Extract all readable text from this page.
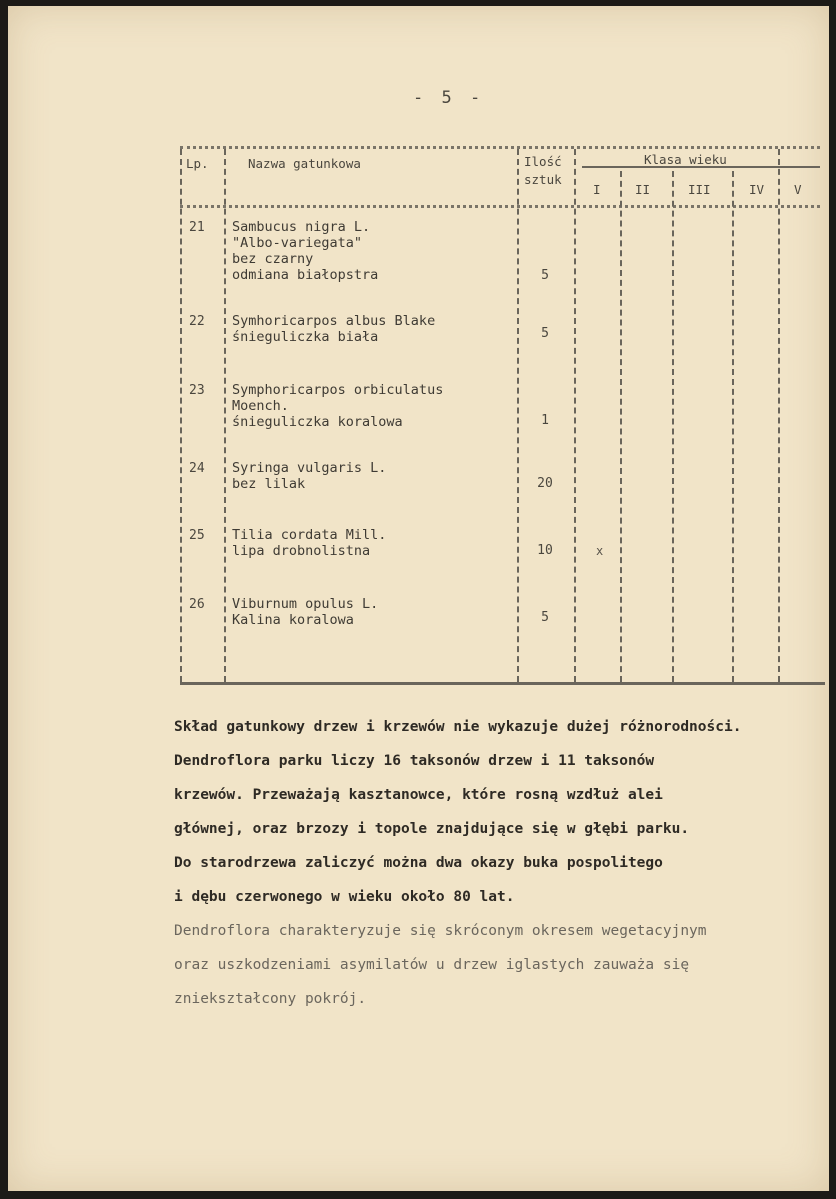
- 5 -
Lp.	Nazwa gatunkowa	Ilość
sztuk
Klasa wieku
I	II	III	IV V
21 Sambucus nigra L.
"Albo-variegata"
bez czarny
odmiana białopstra	5
22 Symhoricarpos albus Blake
śnieguliczka biała	5
23 Symphoricarpos orbiculatus
Moench.
śnieguliczka koralowa	1
24 Syringa vulgaris L.
bez lilak	20
25 Tilia cordata Mill.
lipa drobnolistna	10	x
26 Viburnum opulus L.
Kalina koralowa	5
Skład gatunkowy drzew i krzewów nie wykazuje dużej różnorodności.
Dendroflora parku liczy 16 taksonów drzew i 11 taksonów
krzewów. Przeważają kasztanowce, które rosną wzdłuż alei
głównej, oraz brzozy i topole znajdujące się w głębi parku.
Do starodrzewa zaliczyć można dwa okazy buka pospolitego
i dębu czerwonego w wieku około 80 lat.
Dendroflora charakteryzuje się skróconym okresem wegetacyjnym
oraz uszkodzeniami asymilatów u drzew iglastych zauważa się
zniekształcony pokrój.
